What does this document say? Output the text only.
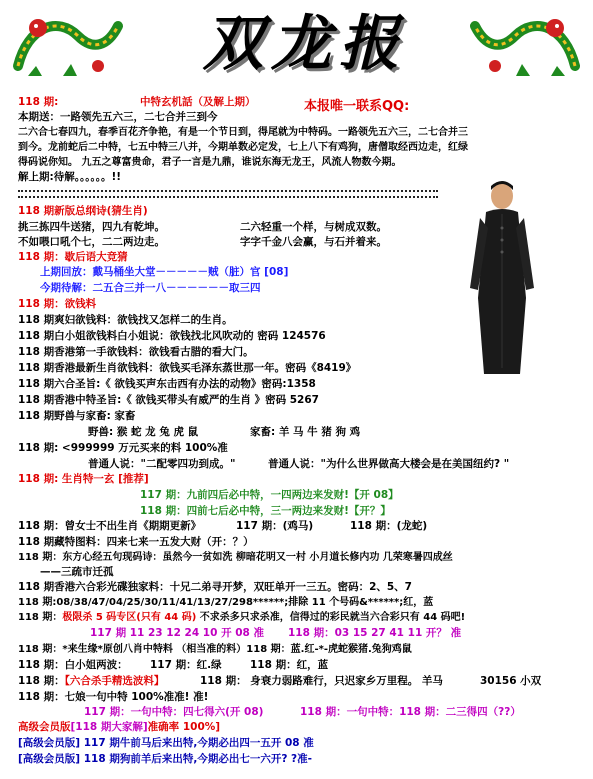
双龙报
本报唯一联系QQ:
118 期:	中特玄机話（及解上期）
本期送：一路领先五六三，二七合并三到今
二六合七春四九，春季百花齐争艳，有是一个节日到，得尾就为中特码。一路领先五六三，二七合并三
到今。龙前蛇后二中特，七五中特三八并，今期单数必定发，七上八下有鸡狗，唐僧取经西边走，红绿
得码说你知。 九五之尊富贵命，君子一言是九鼎，谁说东海无龙王，风流人物数今期。
解上期:待解。。。。。。!!
118 期新版总纲诗(猜生肖)
挑三拣四牛送猪，四九有乾坤。	二六轻重一个样，与树成双数。
不如喂口吼个七，二二两边走。	字字千金八会赢，与石并着来。
118 期：歇后语大竞猜
上期回放：戴马桶坐大堂－－－－－贼（脏）官 [08]
今期待解：二五合三并一八－－－－－－取三四
118 期：欲钱料
118 期爽妇欲钱料：欲钱找又怎样二的生肖。
118 期白小姐欲钱料白小姐说：欲钱找北风吹动的 密码 124576
118 期香港第一手欲钱料：欲钱看古腊的看大门。
118 期香港最新生肖欲钱料：欲钱买毛泽东蒸世那一年。密码《8419》
118 期六合圣旨:《 欲钱买声东击西有办法的动物》密码:1358
118 期香港中特圣旨:《 欲钱买带头有威严的生肖 》密码 5267
118 期野兽与家畜: 家畜
野兽: 猴 蛇 龙 兔 虎 鼠	家畜: 羊 马 牛 猪 狗 鸡
118 期: <999999 万元买来的料 100%准
普通人说："二配零四功到成。"	普通人说："为什么世界做高大楼会是在美国纽约? "
118 期: 生肖特一玄 [推荐]
117 期：九前四后必中特，一四两边来发财!【开 08】
118 期：四前七后必中特，三一两边来发财!【开？】
118 期：曾女士不出生肖《期期更新》	117 期：(鸡马)	118 期：(龙蛇)
118 期藏特图料：四来七来一五发大财（开：？）
118 期：东方心经五句现码诗：虽然今一贫如洗 柳暗花明又一村 小月道长修内功 几荣寒暑四成丝
——三疏市迁孤
118 期香港六合彩光碟独家料：十兄二弟寻开梦，双旺单开一三五。密码：2、5、7
118 期:08/38/47/04/25/30/11/41/13/27/298******;排除 11 个号码&******;红，蓝
118 期：极限杀 5 码专区(只有 44 码) 不求杀多只求杀准，信得过的彩民就当六合彩只有 44 码吧!
117 期 11 23 12 24 10 开 08 准 118 期：03 15 27 41 11 开？ 准
118 期：*来生缘*原创八肖中特料 （相当准的料）118 期：蓝.红-*-虎蛇猴猪.兔狗鸡鼠
118 期：白小姐两波： 117 期：红.绿	118 期：红，蓝
118 期：【六合杀手精选波料】	118 期： 身衰力弱路难行，只迟家乡万里程。 羊马	30156 小双
118 期：七娘一句中特 100%准准! 准!
117 期：一句中特：四七得六(开 08)	118 期：一句中特：118 期：二三得四（??）
高级会员版[118 期大家解]准确率 100%]
[高级会员版] 117 期牛前马后来出特,今期必出四一五开 08 准
[高级会员版] 118 期狗前羊后来出特,今期必出七一六开? ?准-
